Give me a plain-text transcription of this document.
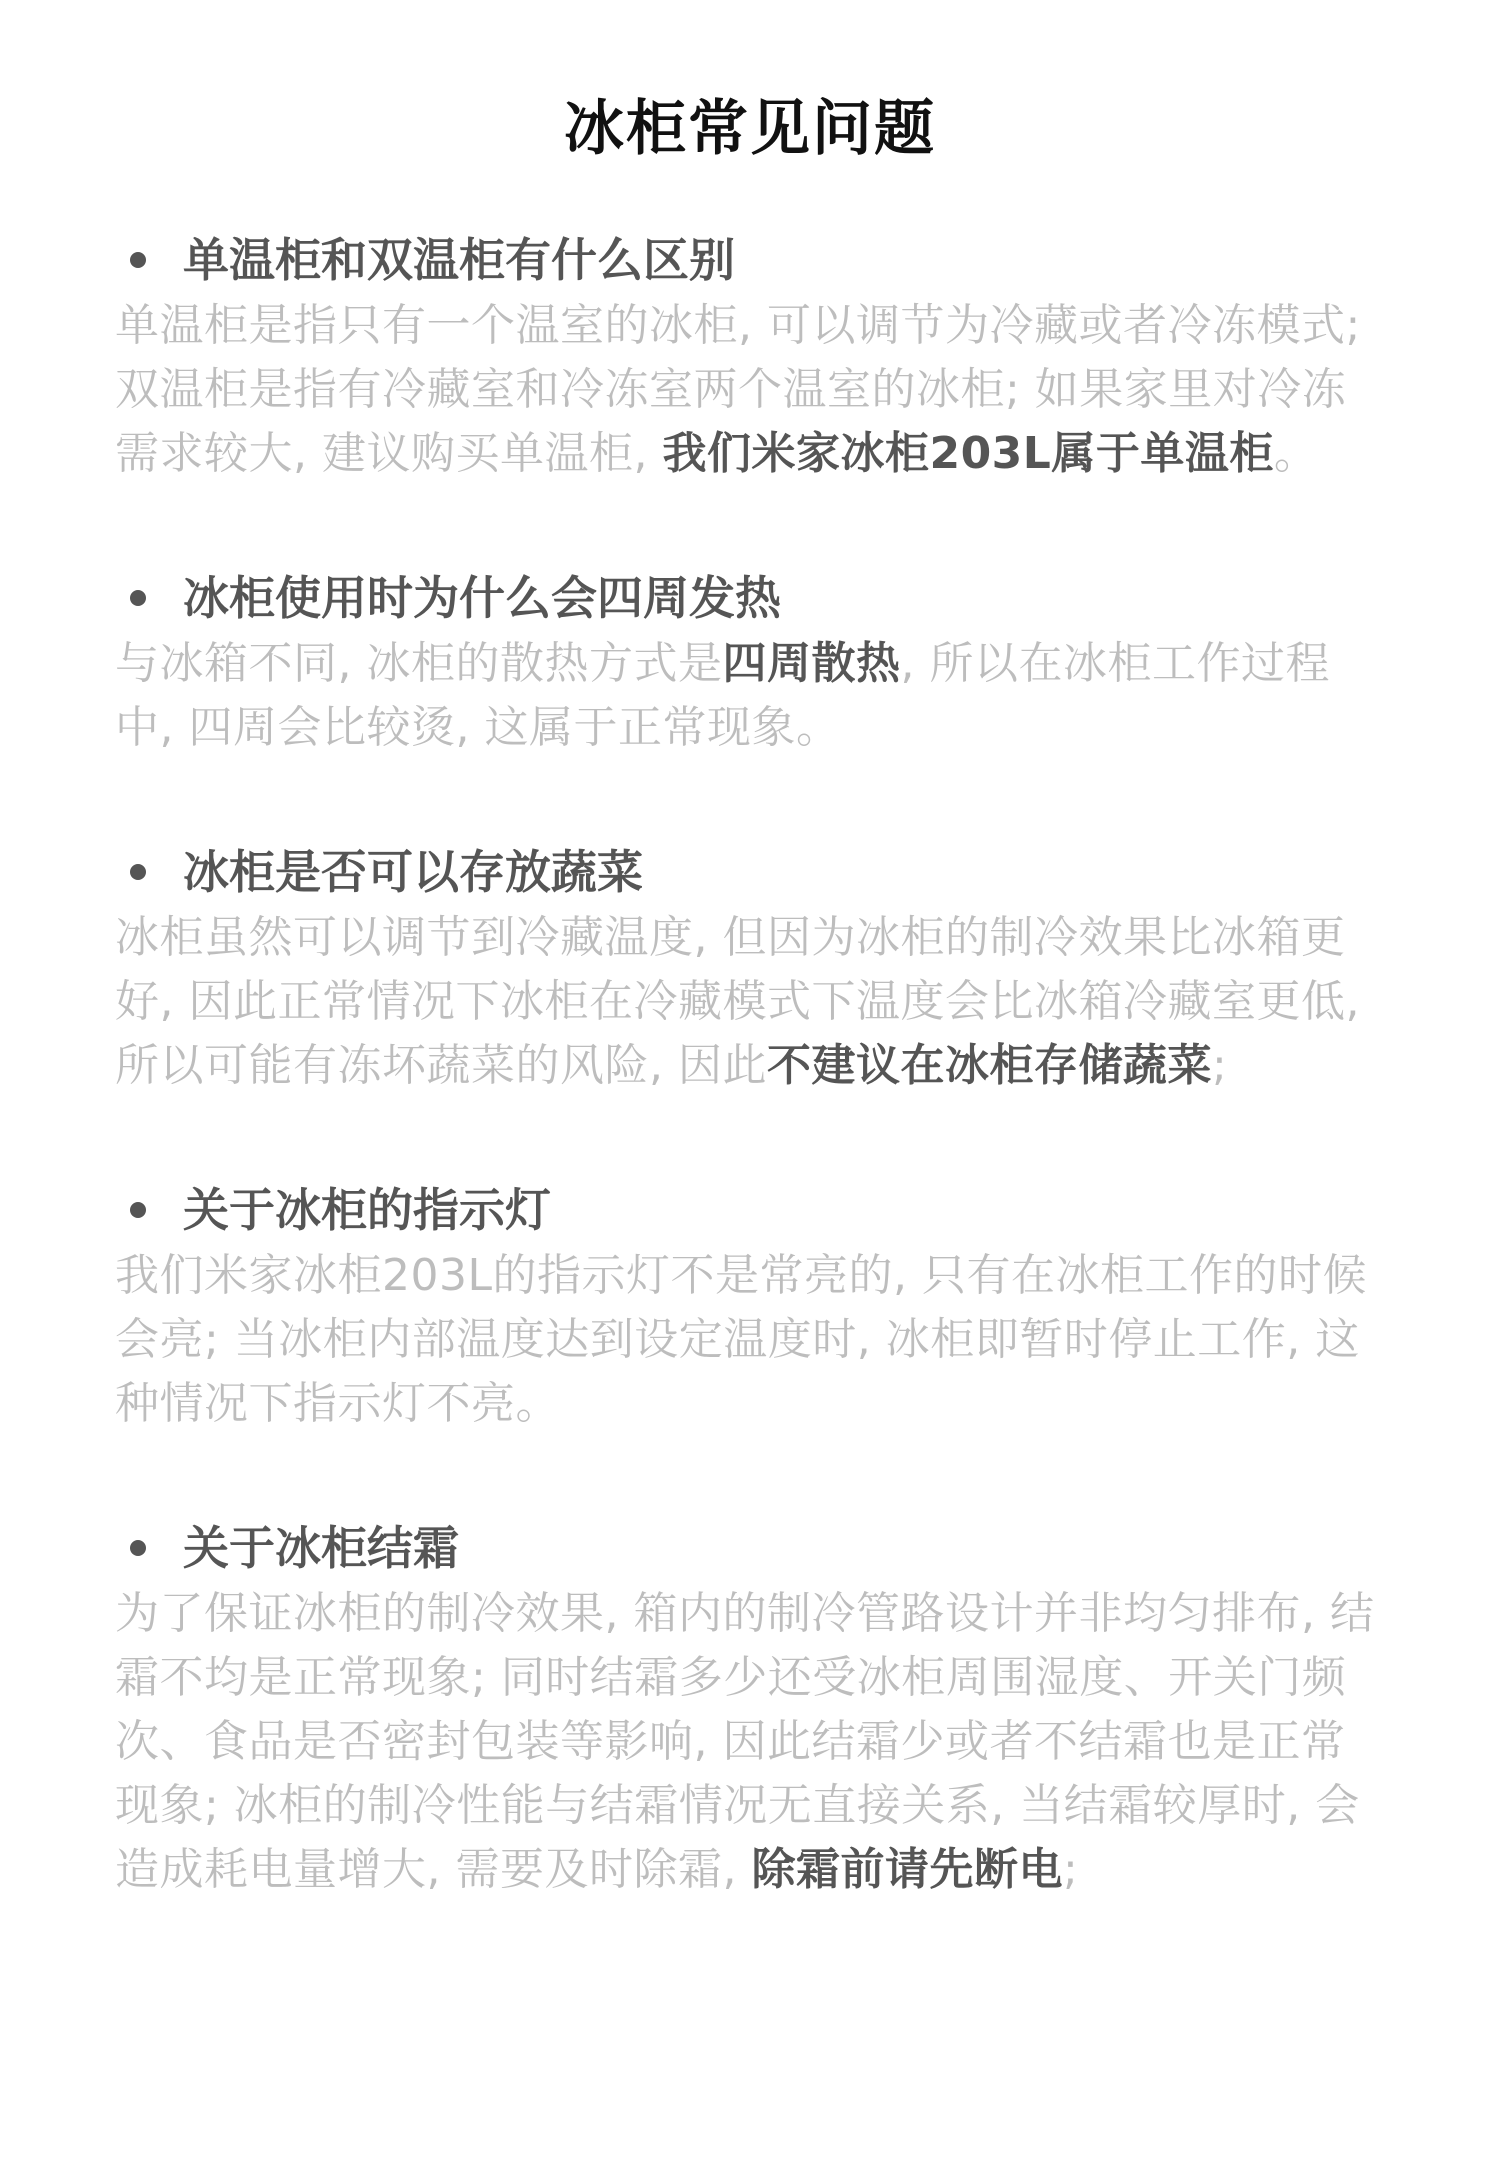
冰柜常见问题
单温柜和双温柜有什么区别

单温柜是指只有一个温室的冰柜, 可以调节为冷藏或者冷冻模式; 双温柜是指有冷藏室和冷冻室两个温室的冰柜; 如果家里对冷冻需求较大, 建议购买单温柜, 我们米家冰柜203L属于单温柜。

冰柜使用时为什么会四周发热

与冰箱不同, 冰柜的散热方式是四周散热, 所以在冰柜工作过程中, 四周会比较烫, 这属于正常现象。

冰柜是否可以存放蔬菜

冰柜虽然可以调节到冷藏温度, 但因为冰柜的制冷效果比冰箱更好, 因此正常情况下冰柜在冷藏模式下温度会比冰箱冷藏室更低, 所以可能有冻坏蔬菜的风险, 因此不建议在冰柜存储蔬菜;

关于冰柜的指示灯

我们米家冰柜203L的指示灯不是常亮的, 只有在冰柜工作的时候会亮; 当冰柜内部温度达到设定温度时, 冰柜即暂时停止工作, 这种情况下指示灯不亮。

关于冰柜结霜

为了保证冰柜的制冷效果, 箱内的制冷管路设计并非均匀排布, 结霜不均是正常现象; 同时结霜多少还受冰柜周围湿度、开关门频次、食品是否密封包装等影响, 因此结霜少或者不结霜也是正常现象; 冰柜的制冷性能与结霜情况无直接关系, 当结霜较厚时, 会造成耗电量增大, 需要及时除霜, 除霜前请先断电;
